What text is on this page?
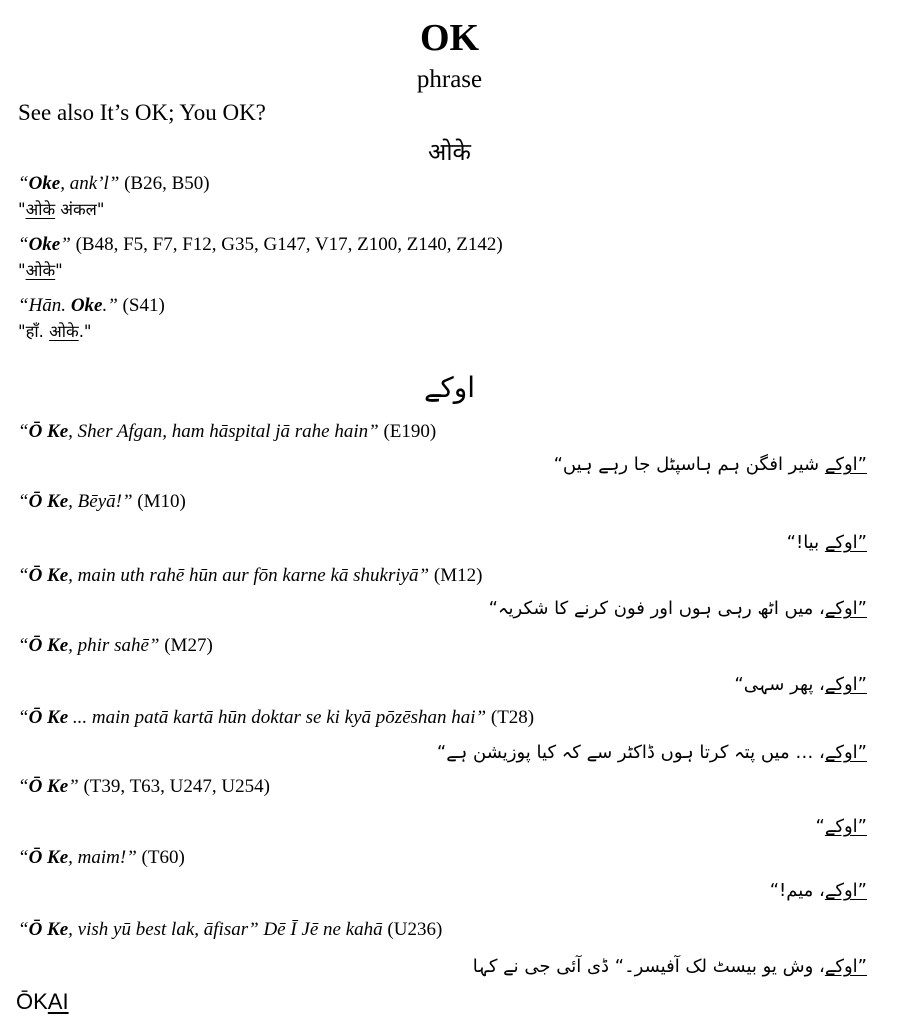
OK
phrase
See also It’s OK; You OK?
ओके
“Oke, ank’l” (B26, B50)
"ओके अंकल"
“Oke” (B48, F5, F7, F12, G35, G147, V17, Z100, Z140, Z142)
"ओके"
“Hān. Oke.” (S41)
"हाँ. ओके."
اوکے
“Ō Ke, Sher Afgan, ham hāspital jā rahe hain” (E190)
”اوکے شیر افگن ہم ہاسپٹل جا رہے ہیں“
“Ō Ke, Bēyā!” (M10)
”اوکے بیا!“
“Ō Ke, main uth rahē hūn aur fōn karne kā shukriyā” (M12)
”اوکے، میں اٹھ رہی ہوں اور فون کرنے کا شکریہ“
“Ō Ke, phir sahē” (M27)
”اوکے، پھر سہی“
“Ō Ke ... main patā kartā hūn doktar se ki kyā pōzēshan hai” (T28)
”اوکے، … میں پتہ کرتا ہوں ڈاکٹر سے کہ کیا پوزیشن ہے“
“Ō Ke” (T39, T63, U247, U254)
”اوکے“
“Ō Ke, maim!” (T60)
”اوکے، میم!“
“Ō Ke, vish yū best lak, āfisar” Dē Ī Jē ne kahā (U236)
”اوکے، وش یو بیسٹ لک آفیسر۔“ ڈی آئی جی نے کہا
ŌKAI
